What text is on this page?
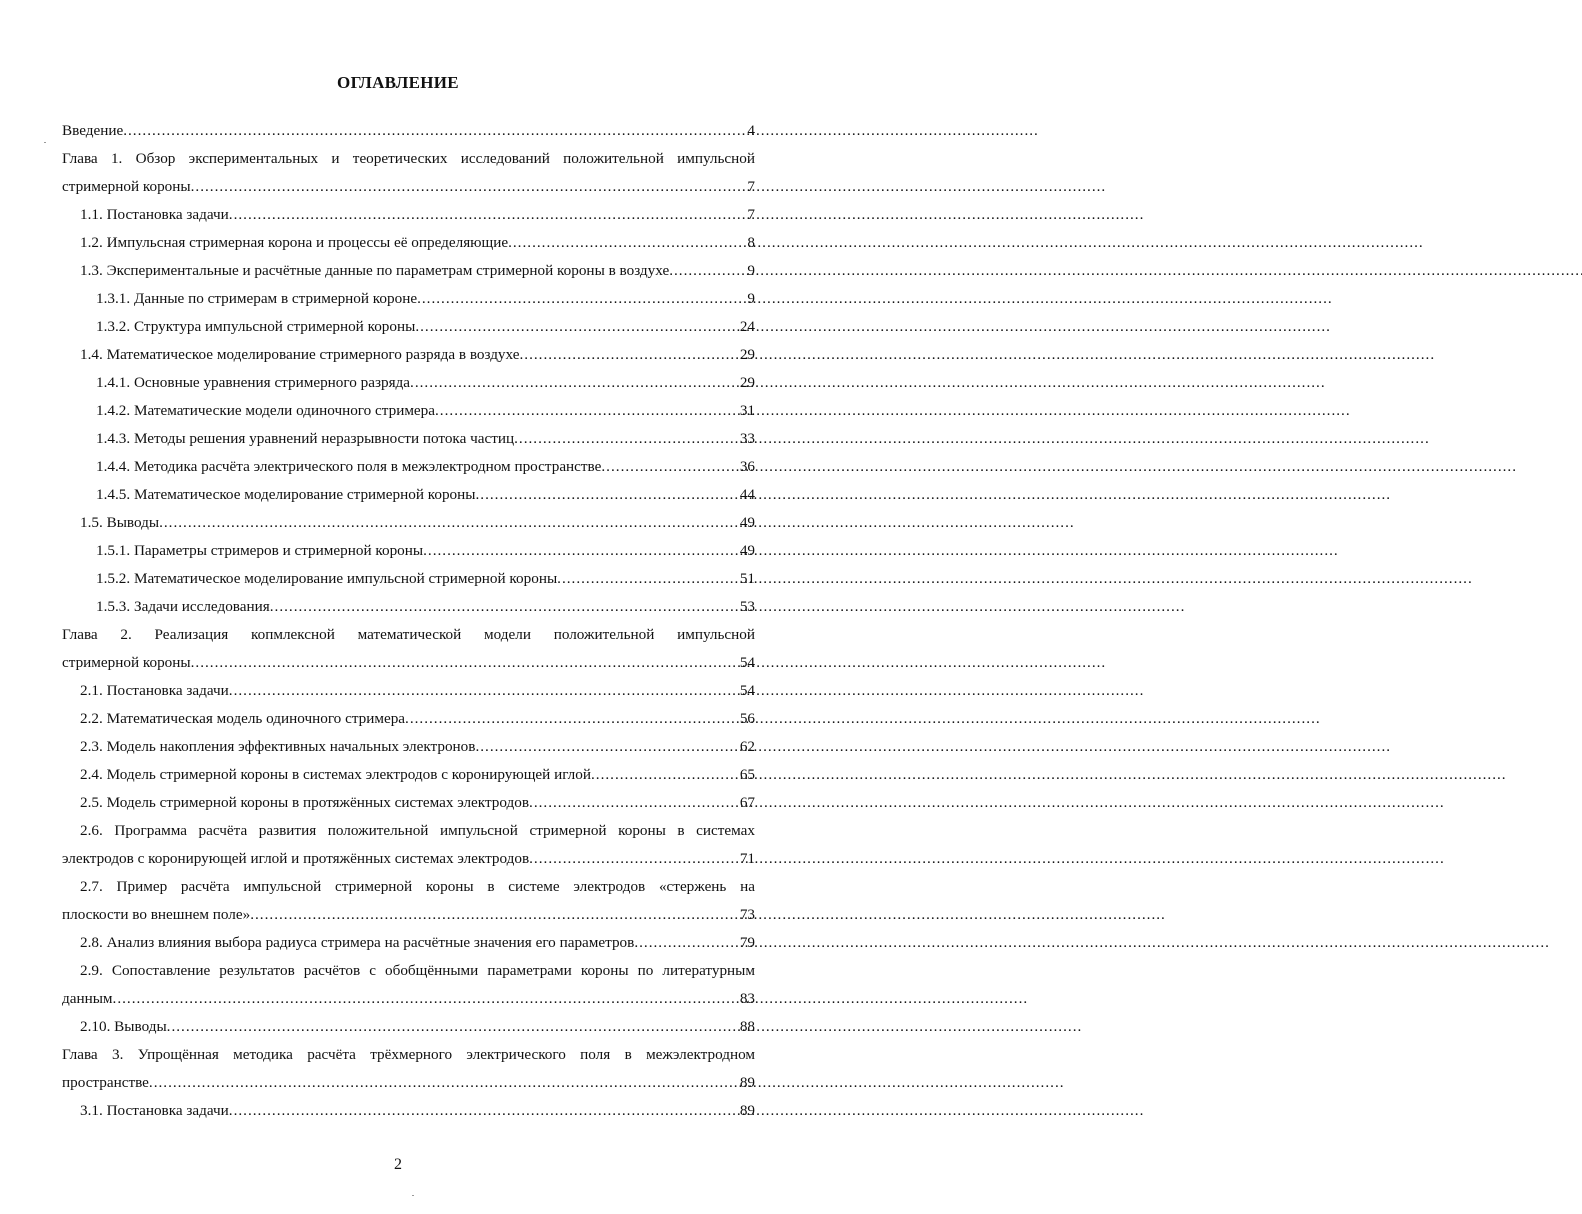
ОГЛАВЛЕНИЕ
Введение . . .	4
Глава 1. Обзор экспериментальных и теоретических исследований положительной импульсной
стримерной короны . . .	7
1.1. Постановка задачи . . .	7
1.2. Импульсная стримерная корона и процессы её определяющие . . .	8
1.3. Экспериментальные и расчётные данные по параметрам стримерной короны в воздухе . . .	9
1.3.1. Данные по стримерам в стримерной короне . . .	9
1.3.2. Структура импульсной стримерной короны . . .	24
1.4. Математическое моделирование стримерного разряда в воздухе . . .	29
1.4.1. Основные уравнения стримерного разряда . . .	29
1.4.2. Математические модели одиночного стримера . . .	31
1.4.3. Методы решения уравнений неразрывности потока частиц . . .	33
1.4.4. Методика расчёта электрического поля в межэлектродном пространстве . . .	36
1.4.5. Математическое моделирование стримерной короны . . .	44
1.5. Выводы . . .	49
1.5.1. Параметры стримеров и стримерной короны . . .	49
1.5.2. Математическое моделирование импульсной стримерной короны . . .	51
1.5.3. Задачи исследования . . .	53
Глава 2. Реализация копмлексной математической модели положительной импульсной
стримерной короны . . .	54
2.1. Постановка задачи . . .	54
2.2. Математическая модель одиночного стримера . . .	56
2.3. Модель накопления эффективных начальных электронов . . .	62
2.4. Модель стримерной короны в системах электродов с коронирующей иглой . . .	65
2.5. Модель стримерной короны в протяжённых системах электродов . . .	67
2.6. Программа расчёта развития положительной импульсной стримерной короны в системах
электродов с коронирующей иглой и протяжённых системах электродов . . .	71
2.7. Пример расчёта импульсной стримерной короны в системе электродов «стержень на
плоскости во внешнем поле» . . .	73
2.8. Анализ влияния выбора радиуса стримера на расчётные значения его параметров . . .	79
2.9. Сопоставление результатов расчётов с обобщёнными параметрами короны по литературным
данным . . .	83
2.10. Выводы . . .	88
Глава 3. Упрощённая методика расчёта трёхмерного электрического поля в межэлектродном
пространстве . . .	89
3.1. Постановка задачи . . .	89
2
